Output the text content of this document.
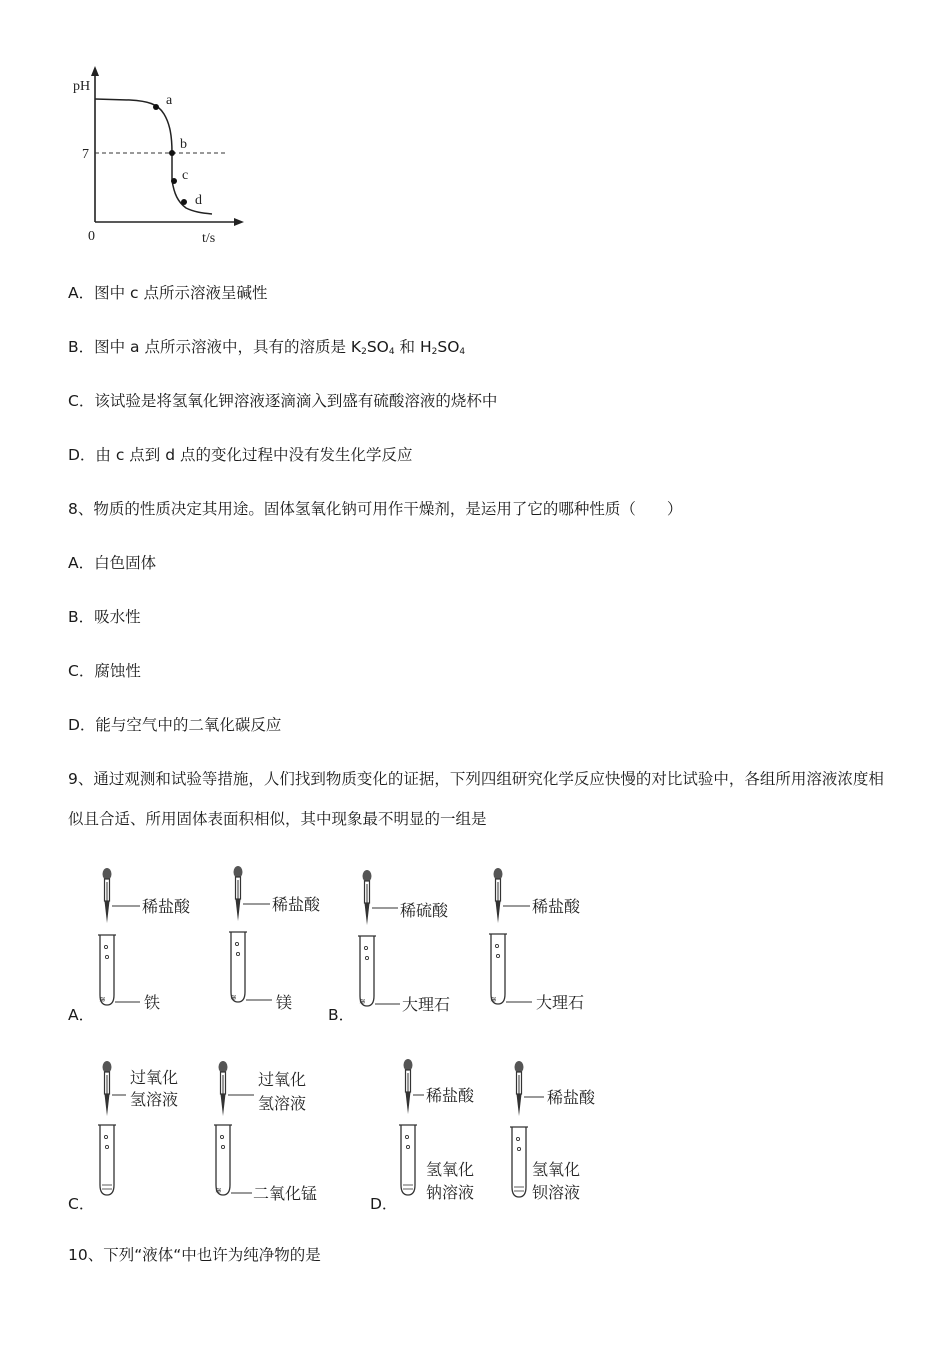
pH
t/s
0
7
a
b
c
d
A．图中 c 点所示溶液呈碱性
B．图中 a 点所示溶液中，具有的溶质是 $K_2SO_4$ 和 $H_2SO_4$
C．该试验是将氢氧化钾溶液逐滴滴入到盛有硫酸溶液的烧杯中
D．由 c 点到 d 点的变化过程中没有发生化学反应
8、物质的性质决定其用途。固体氢氧化钠可用作干燥剂，是运用了它的哪种性质（　　）
A．白色固体
B．吸水性
C．腐蚀性
D．能与空气中的二氧化碳反应
9、通过观测和试验等措施，人们找到物质变化的证据，下列四组研究化学反应快慢的对比试验中，各组所用溶液浓度相似且合适、所用固体表面积相似，其中现象最不明显的一组是
稀盐酸
≋ 铁
稀盐酸
≋ 镁
稀硫酸
≋ 大理石
稀盐酸
≋ 大理石
A．	B．
过氧化
氢溶液
过氧化
氢溶液
≋ 二氧化锰
稀盐酸
氢氧化
钠溶液
稀盐酸
氢氧化
钡溶液
C．	D．
10、下列“液体“中也许为纯净物的是
